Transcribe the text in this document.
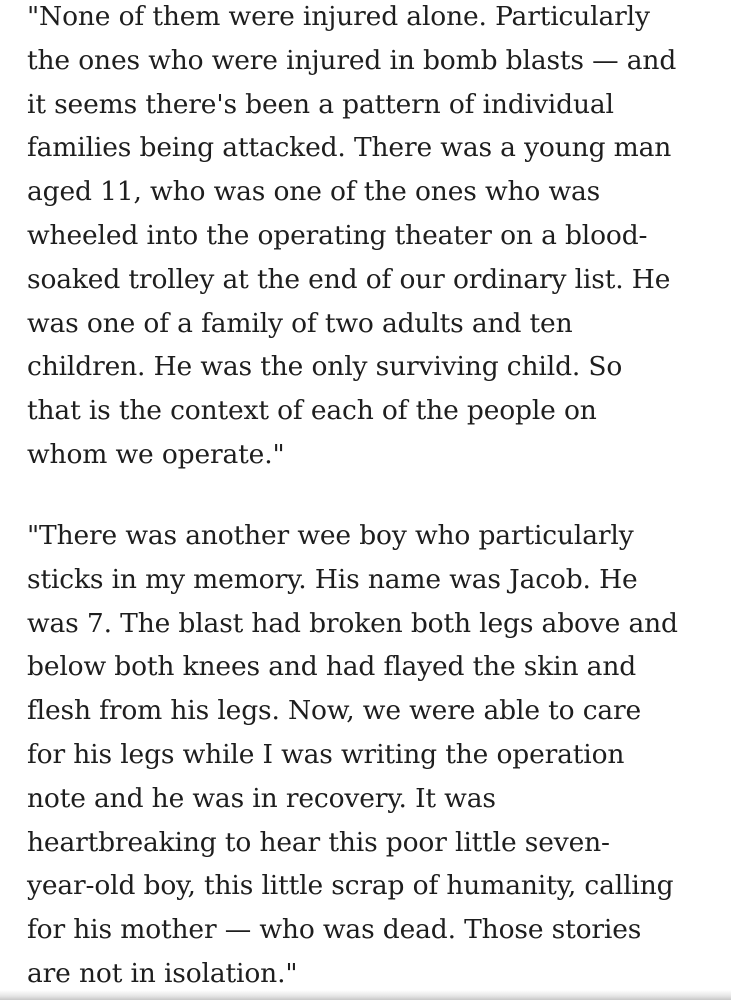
"None of them were injured alone. Particularly
the ones who were injured in bomb blasts — and
it seems there's been a pattern of individual
families being attacked. There was a young man
aged 11, who was one of the ones who was
wheeled into the operating theater on a blood-
soaked trolley at the end of our ordinary list. He
was one of a family of two adults and ten
children. He was the only surviving child. So
that is the context of each of the people on
whom we operate."

"There was another wee boy who particularly
sticks in my memory. His name was Jacob. He
was 7. The blast had broken both legs above and
below both knees and had flayed the skin and
flesh from his legs. Now, we were able to care
for his legs while I was writing the operation
note and he was in recovery. It was
heartbreaking to hear this poor little seven-
year-old boy, this little scrap of humanity, calling
for his mother — who was dead. Those stories
are not in isolation."
